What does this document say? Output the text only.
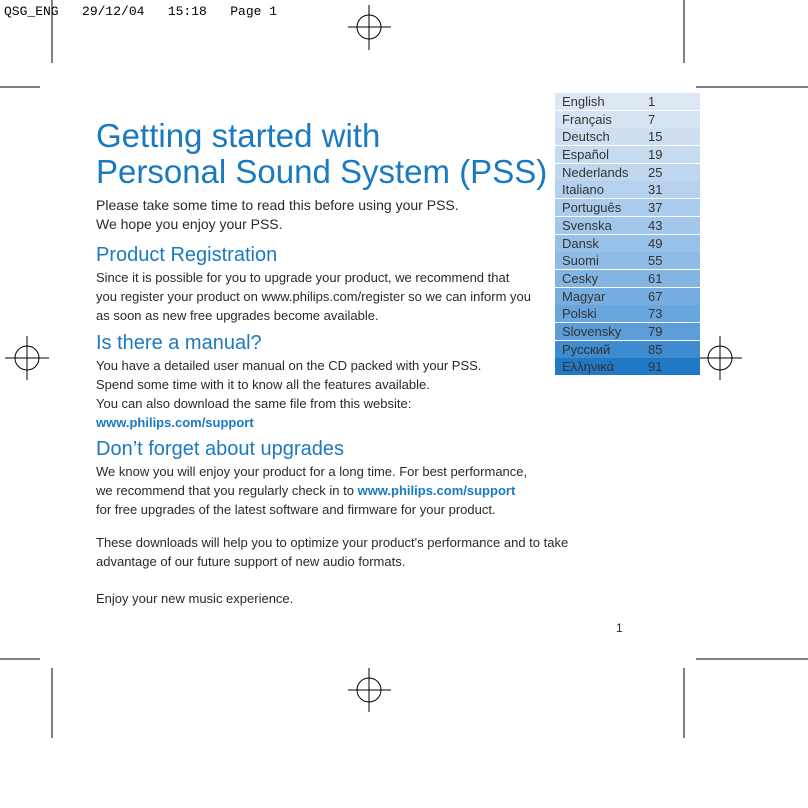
QSG_ENG   29/12/04   15:18   Page 1
Getting started with
Personal Sound System (PSS)

Please take some time to read this before using your PSS.

We hope you enjoy your PSS.

Product Registration

Since it is possible for you to upgrade your product, we recommend that

you register your product on www.philips.com/register so we can inform you

as soon as new free upgrades become available.

Is there a manual?

You have a detailed user manual on the CD packed with your PSS.

Spend some time with it to know all the features available.

You can also download the same file from this website:

www.philips.com/support

Don’t forget about upgrades

We know you will enjoy your product for a long time. For best performance,

we recommend that you regularly check in to www.philips.com/support

for free upgrades of the latest software and firmware for your product.

These downloads will help you to optimize your product's performance and to take

advantage of our future support of new audio formats.

Enjoy your new music experience.

1
English	1
Français	7
Deutsch	15
Español	19
Nederlands	25
Italiano	31
Português	37
Svenska	43
Dansk	49
Suomi	55
Cesky	61
Magyar	67
Polski	73
Slovensky	79
Русский	85
Ελληνικά	91
